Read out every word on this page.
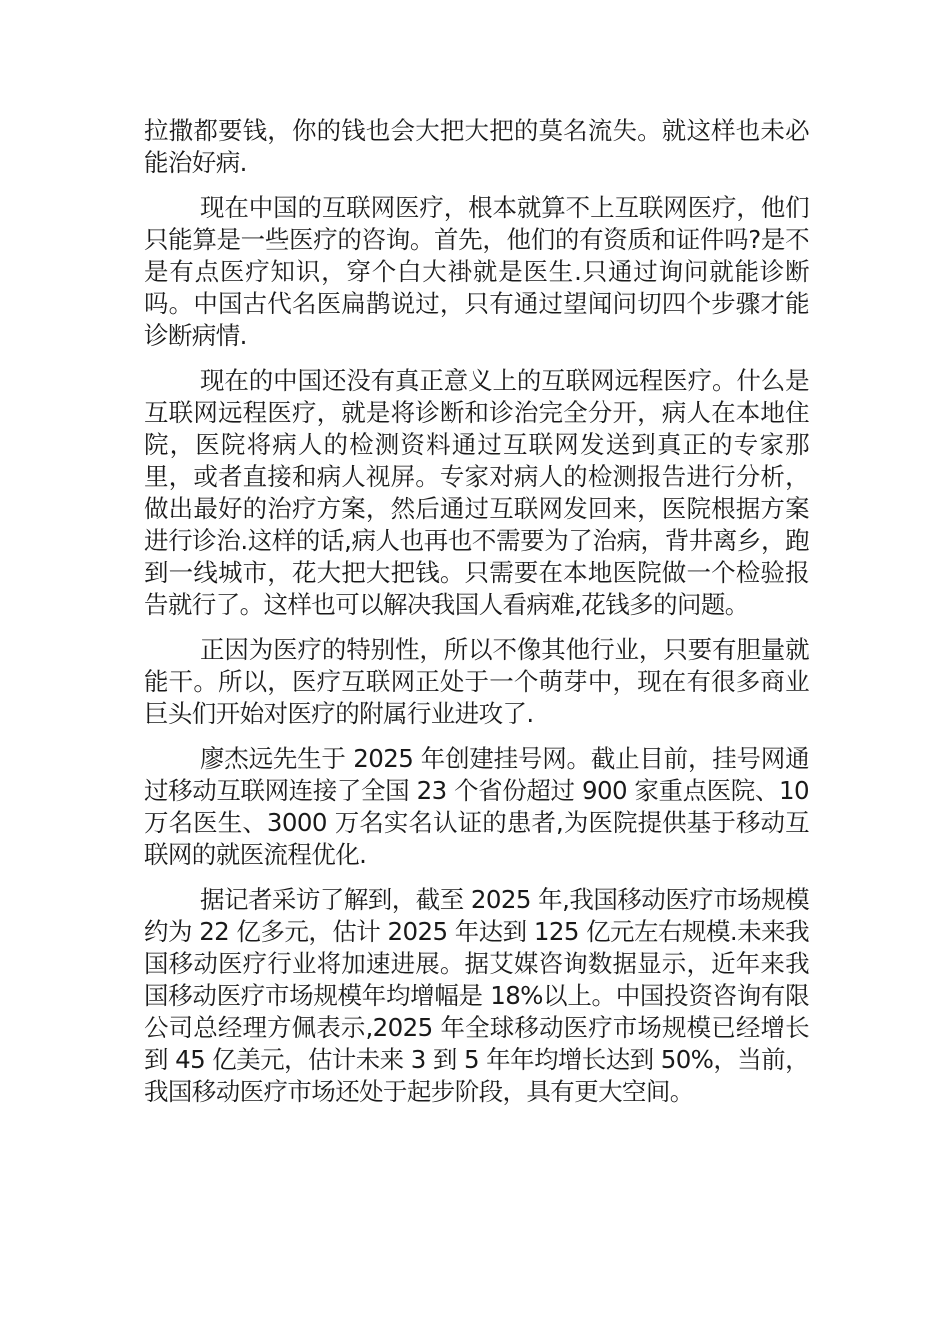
拉撒都要钱，你的钱也会大把大把的莫名流失。就这样也未必能治好病.

现在中国的互联网医疗，根本就算不上互联网医疗，他们只能算是一些医疗的咨询。首先，他们的有资质和证件吗?是不是有点医疗知识，穿个白大褂就是医生.只通过询问就能诊断吗。中国古代名医扁鹊说过，只有通过望闻问切四个步骤才能诊断病情.

现在的中国还没有真正意义上的互联网远程医疗。什么是互联网远程医疗，就是将诊断和诊治完全分开，病人在本地住院，医院将病人的检测资料通过互联网发送到真正的专家那里，或者直接和病人视屏。专家对病人的检测报告进行分析，做出最好的治疗方案，然后通过互联网发回来，医院根据方案进行诊治.这样的话,病人也再也不需要为了治病，背井离乡，跑到一线城市，花大把大把钱。只需要在本地医院做一个检验报告就行了。这样也可以解决我国人看病难,花钱多的问题。

正因为医疗的特别性，所以不像其他行业，只要有胆量就能干。所以，医疗互联网正处于一个萌芽中，现在有很多商业巨头们开始对医疗的附属行业进攻了.

廖杰远先生于 2025 年创建挂号网。截止目前，挂号网通过移动互联网连接了全国 23 个省份超过 900 家重点医院、10 万名医生、3000 万名实名认证的患者,为医院提供基于移动互联网的就医流程优化.

据记者采访了解到，截至 2025 年,我国移动医疗市场规模约为 22 亿多元，估计 2025 年达到 125 亿元左右规模.未来我国移动医疗行业将加速进展。据艾媒咨询数据显示，近年来我国移动医疗市场规模年均增幅是 18%以上。中国投资咨询有限公司总经理方佩表示,2025 年全球移动医疗市场规模已经增长到 45 亿美元，估计未来 3 到 5 年年均增长达到 50%，当前，我国移动医疗市场还处于起步阶段，具有更大空间。
